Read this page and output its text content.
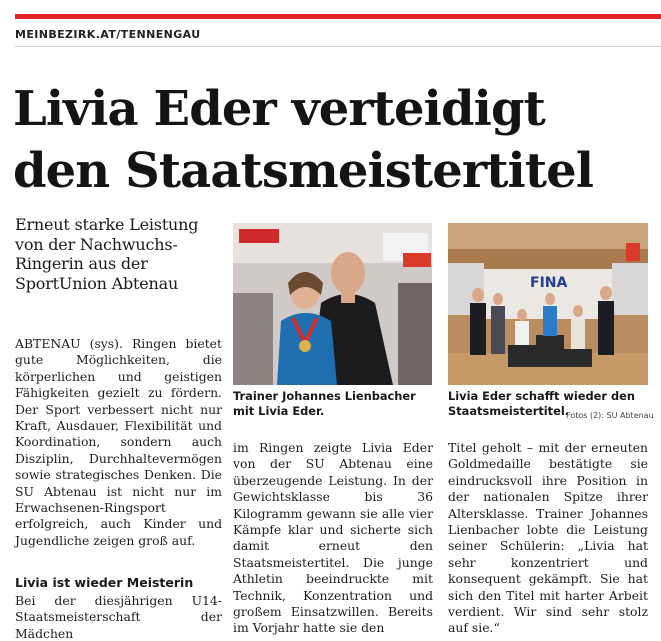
MEINBEZIRK.AT/TENNENGAU
Livia Eder verteidigt
den Staatsmeistertitel
Erneut starke Leistung von der Nachwuchs-Ringerin aus der SportUnion Abtenau

ABTENAU (sys). Ringen bietet gute Möglichkeiten, die körperlichen und geistigen Fähigkeiten gezielt zu fördern. Der Sport verbessert nicht nur Kraft, Ausdauer, Flexibilität und Koordination, sondern auch Disziplin, Durchhaltevermögen sowie strategisches Denken. Die SU Abtenau ist nicht nur im Erwachsenen-Ringsport erfolgreich, auch Kinder und Jugendliche zeigen groß auf.

Livia ist wieder Meisterin

Bei der diesjährigen U14-Staatsmeisterschaft der Mädchen

Trainer Johannes Lienbacher mit Livia Eder.
FINA
Livia Eder schafft wieder den Staatsmeistertitel.
Fotos (2): SU Abtenau

im Ringen zeigte Livia Eder von der SU Abtenau eine überzeugende Leistung. In der Gewichtsklasse bis 36 Kilogramm gewann sie alle vier Kämpfe klar und sicherte sich damit erneut den Staatsmeistertitel. Die junge Athletin beeindruckte mit Technik, Konzentration und großem Einsatzwillen. Bereits im Vorjahr hatte sie den

Titel geholt – mit der erneuten Goldmedaille bestätigte sie eindrucksvoll ihre Position in der nationalen Spitze ihrer Altersklasse. Trainer Johannes Lienbacher lobte die Leistung seiner Schülerin: „Livia hat sehr konzentriert und konsequent gekämpft. Sie hat sich den Titel mit harter Arbeit verdient. Wir sind sehr stolz auf sie.“
